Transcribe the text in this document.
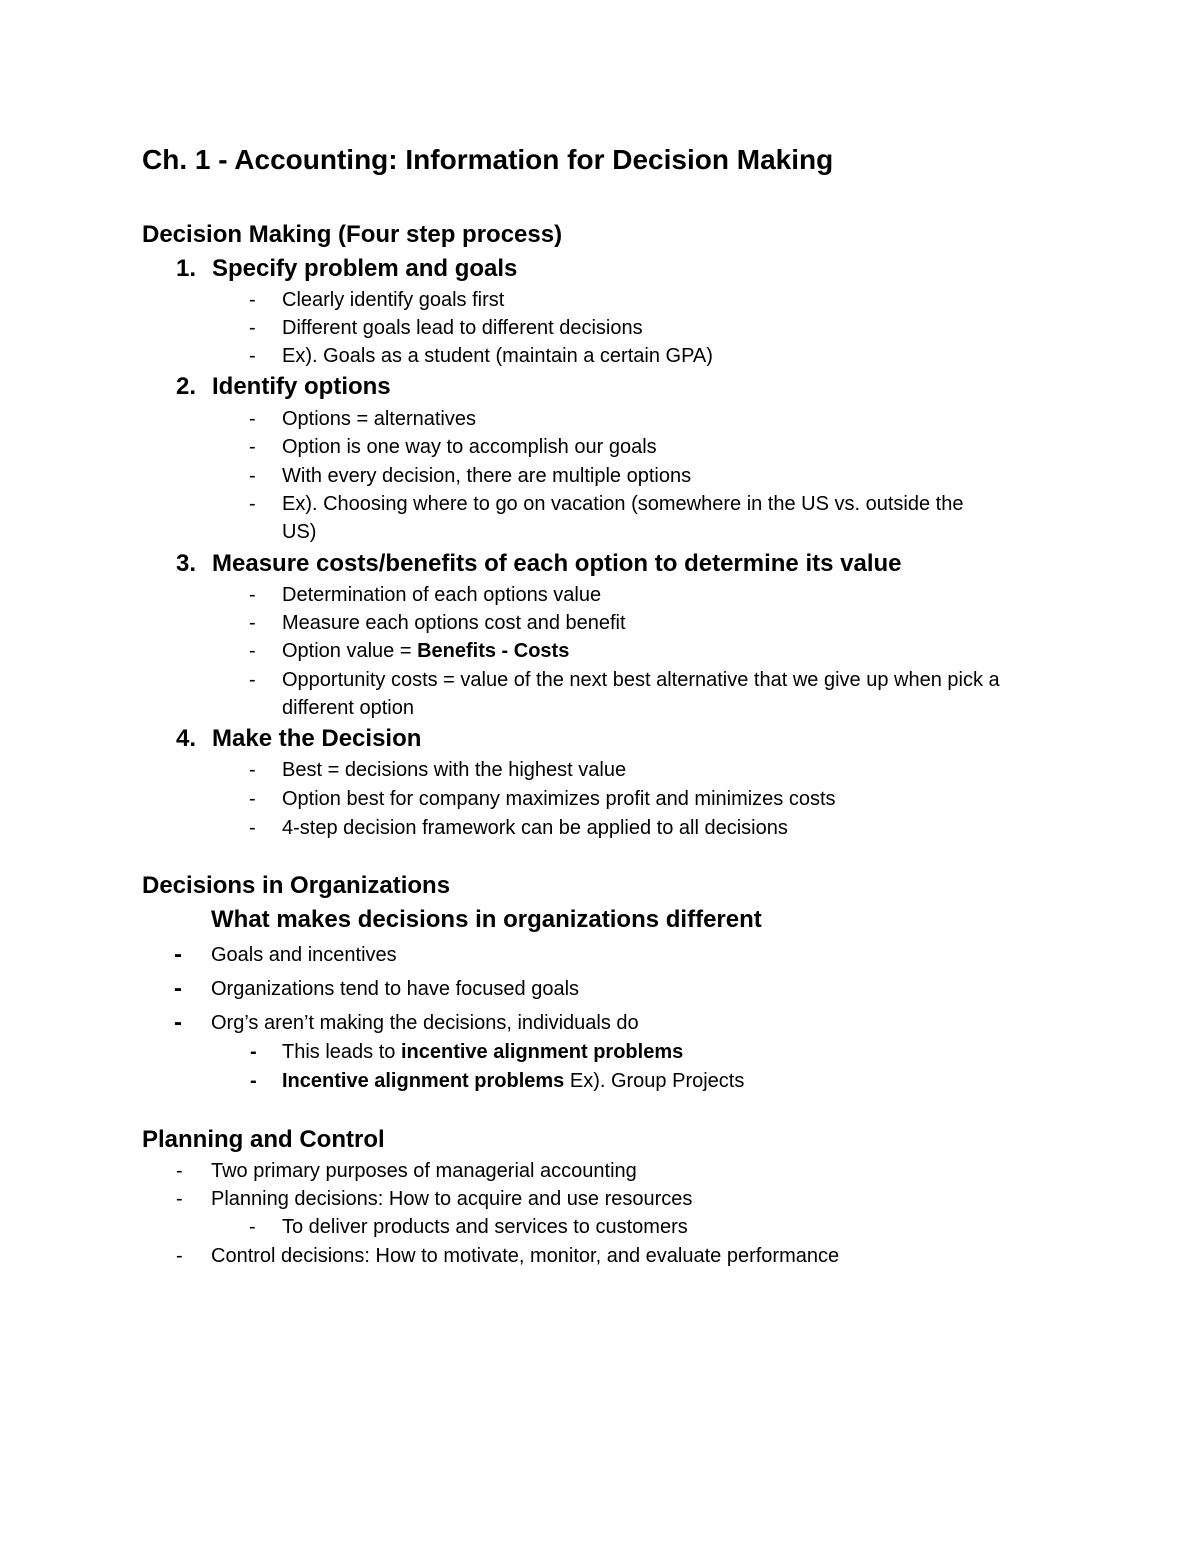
Ch. 1 - Accounting: Information for Decision Making
Decision Making (Four step process)
1. Specify problem and goals
- Clearly identify goals first
- Different goals lead to different decisions
- Ex). Goals as a student (maintain a certain GPA)
2. Identify options
- Options = alternatives
- Option is one way to accomplish our goals
- With every decision, there are multiple options
- Ex). Choosing where to go on vacation (somewhere in the US vs. outside the
US)
3. Measure costs/benefits of each option to determine its value
- Determination of each options value
- Measure each options cost and benefit
- Option value = Benefits - Costs
- Opportunity costs = value of the next best alternative that we give up when pick a
different option
4. Make the Decision
- Best = decisions with the highest value
- Option best for company maximizes profit and minimizes costs
- 4-step decision framework can be applied to all decisions
Decisions in Organizations
What makes decisions in organizations different
- Goals and incentives
- Organizations tend to have focused goals
- Org’s aren’t making the decisions, individuals do
- This leads to incentive alignment problems
- Incentive alignment problems Ex). Group Projects
Planning and Control
- Two primary purposes of managerial accounting
- Planning decisions: How to acquire and use resources
- To deliver products and services to customers
- Control decisions: How to motivate, monitor, and evaluate performance
